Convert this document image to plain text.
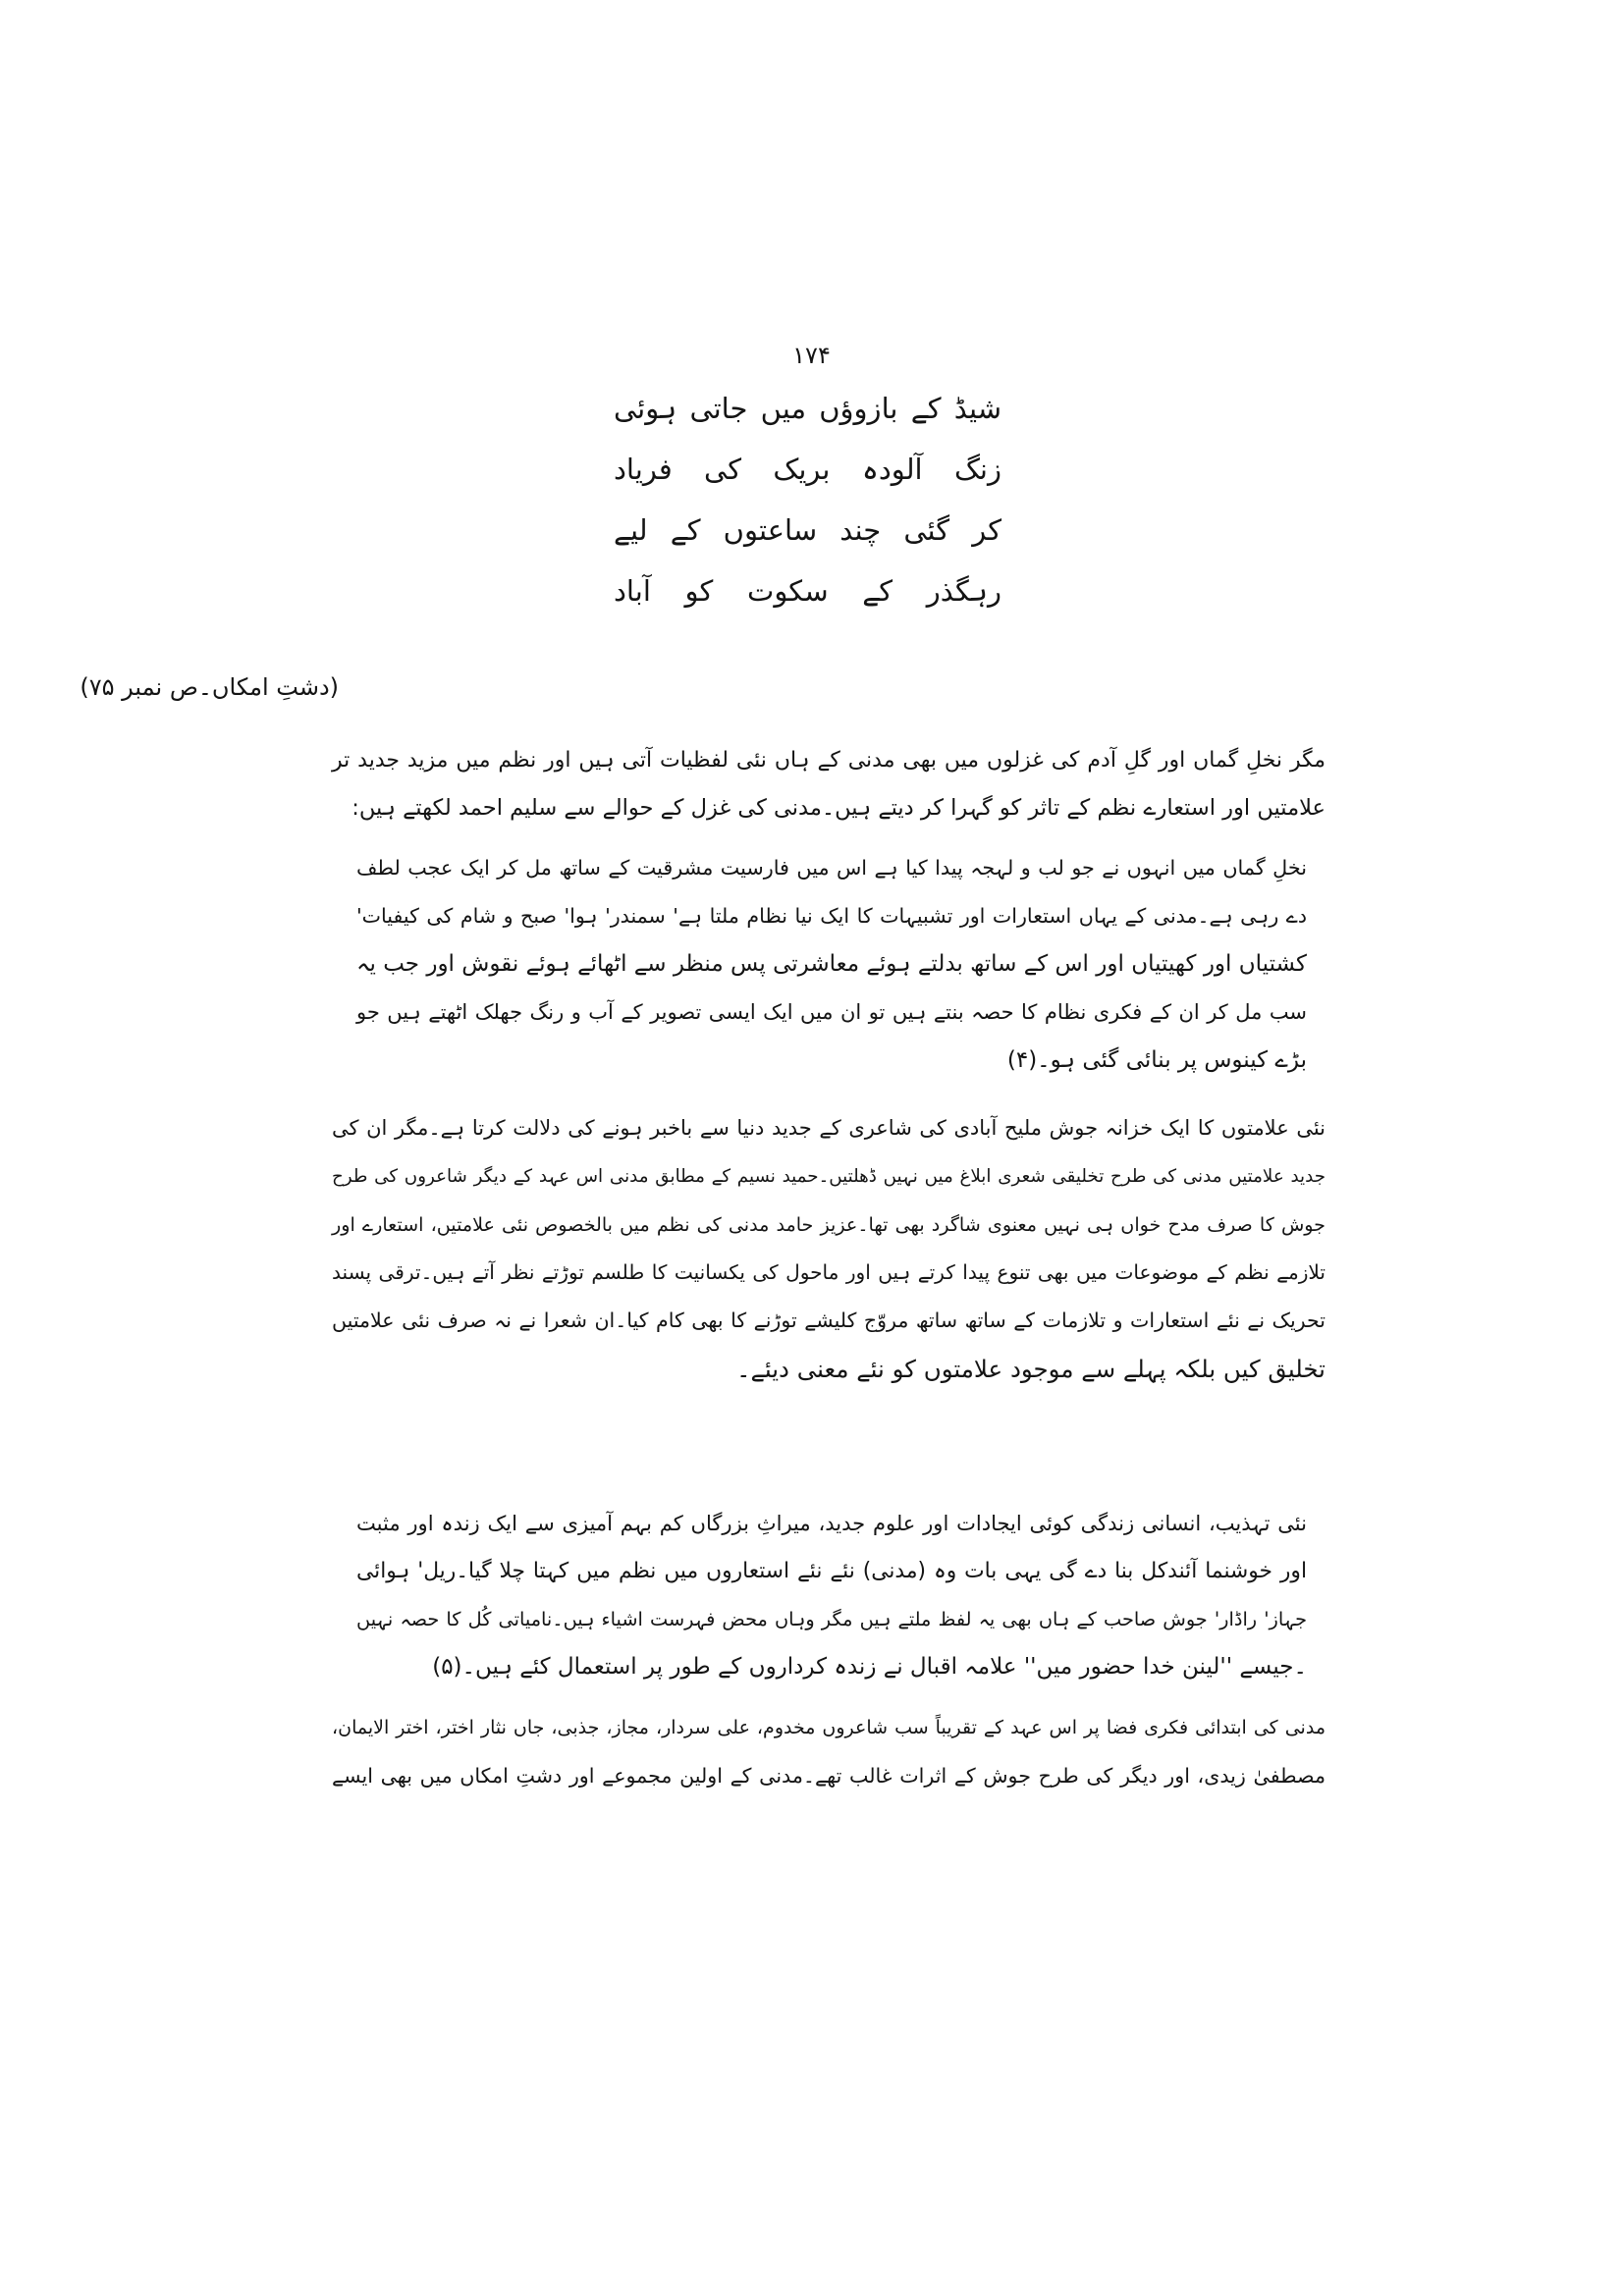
۱۷۴
شیڈ کے بازوؤں میں جاتی ہوئی
زنگ آلودہ بریک کی فریاد
کر گئی چند ساعتوں کے لیے
رہگذر کے سکوت کو آباد
(دشتِ امکاں۔ص نمبر ۷۵)
مگر نخلِ گماں اور گلِ آدم کی غزلوں میں بھی مدنی کے ہاں نئی لفظیات آتی ہیں اور نظم میں مزید جدید تر
علامتیں اور استعارے نظم کے تاثر کو گہرا کر دیتے ہیں۔مدنی کی غزل کے حوالے سے سلیم احمد لکھتے ہیں:
نخلِ گماں میں انہوں نے جو لب و لہجہ پیدا کیا ہے اس میں فارسیت مشرقیت کے ساتھ مل کر ایک عجب لطف
دے رہی ہے۔مدنی کے یہاں استعارات اور تشبیہات کا ایک نیا نظام ملتا ہے' سمندر' ہوا' صبح و شام کی کیفیات'
کشتیاں اور کھیتیاں اور اس کے ساتھ بدلتے ہوئے معاشرتی پس منظر سے اٹھائے ہوئے نقوش اور جب یہ
سب مل کر ان کے فکری نظام کا حصہ بنتے ہیں تو ان میں ایک ایسی تصویر کے آب و رنگ جھلک اٹھتے ہیں جو
بڑے کینوس پر بنائی گئی ہو۔(۴)
نئی علامتوں کا ایک خزانہ جوش ملیح آبادی کی شاعری کے جدید دنیا سے باخبر ہونے کی دلالت کرتا ہے۔مگر ان کی
جدید علامتیں مدنی کی طرح تخلیقی شعری ابلاغ میں نہیں ڈھلتیں۔حمید نسیم کے مطابق مدنی اس عہد کے دیگر شاعروں کی طرح
جوش کا صرف مدح خواں ہی نہیں معنوی شاگرد بھی تھا۔عزیز حامد مدنی کی نظم میں بالخصوص نئی علامتیں، استعارے اور
تلازمے نظم کے موضوعات میں بھی تنوع پیدا کرتے ہیں اور ماحول کی یکسانیت کا طلسم توڑتے نظر آتے ہیں۔ترقی پسند
تحریک نے نئے استعارات و تلازمات کے ساتھ ساتھ مروّج کلیشے توڑنے کا بھی کام کیا۔ان شعرا نے نہ صرف نئی علامتیں
تخلیق کیں بلکہ پہلے سے موجود علامتوں کو نئے معنی دیئے۔
نئی تہذیب، انسانی زندگی کوئی ایجادات اور علوم جدید، میراثِ بزرگاں کم بہم آمیزی سے ایک زندہ اور مثبت
اور خوشنما آئندکل بنا دے گی یہی بات وہ (مدنی) نئے نئے استعاروں میں نظم میں کہتا چلا گیا۔ریل' ہوائی
جہاز' راڈار' جوش صاحب کے ہاں بھی یہ لفظ ملتے ہیں مگر وہاں محض فہرست اشیاء ہیں۔نامیاتی کُل کا حصہ نہیں
۔جیسے ''لینن خدا حضور میں'' علامہ اقبال نے زندہ کرداروں کے طور پر استعمال کئے ہیں۔(۵)
مدنی کی ابتدائی فکری فضا پر اس عہد کے تقریباً سب شاعروں مخدوم، علی سردار، مجاز، جذبی، جاں نثار اختر، اختر الایمان،
مصطفیٰ زیدی، اور دیگر کی طرح جوش کے اثرات غالب تھے۔مدنی کے اولین مجموعے اور دشتِ امکاں میں بھی ایسے
